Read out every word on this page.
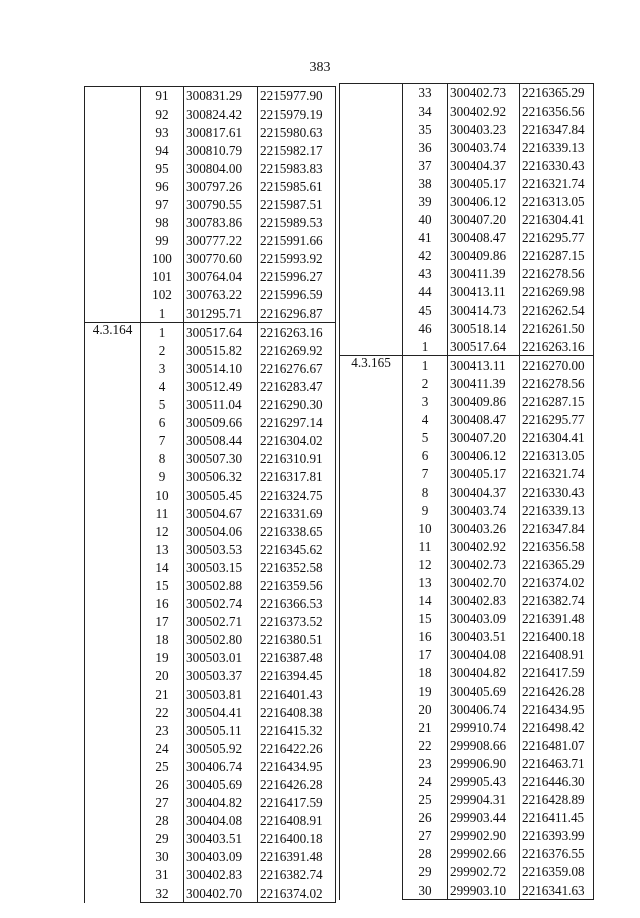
383
	91	300831.29	2215977.90
	92	300824.42	2215979.19
	93	300817.61	2215980.63
	94	300810.79	2215982.17
	95	300804.00	2215983.83
	96	300797.26	2215985.61
	97	300790.55	2215987.51
	98	300783.86	2215989.53
	99	300777.22	2215991.66
	100	300770.60	2215993.92
	101	300764.04	2215996.27
	102	300763.22	2215996.59
	1	301295.71	2216296.87
4.3.164	1	300517.64	2216263.16
	2	300515.82	2216269.92
	3	300514.10	2216276.67
	4	300512.49	2216283.47
	5	300511.04	2216290.30
	6	300509.66	2216297.14
	7	300508.44	2216304.02
	8	300507.30	2216310.91
	9	300506.32	2216317.81
	10	300505.45	2216324.75
	11	300504.67	2216331.69
	12	300504.06	2216338.65
	13	300503.53	2216345.62
	14	300503.15	2216352.58
	15	300502.88	2216359.56
	16	300502.74	2216366.53
	17	300502.71	2216373.52
	18	300502.80	2216380.51
	19	300503.01	2216387.48
	20	300503.37	2216394.45
	21	300503.81	2216401.43
	22	300504.41	2216408.38
	23	300505.11	2216415.32
	24	300505.92	2216422.26
	25	300406.74	2216434.95
	26	300405.69	2216426.28
	27	300404.82	2216417.59
	28	300404.08	2216408.91
	29	300403.51	2216400.18
	30	300403.09	2216391.48
	31	300402.83	2216382.74
	32	300402.70	2216374.02
	33	300402.73	2216365.29
	34	300402.92	2216356.56
	35	300403.23	2216347.84
	36	300403.74	2216339.13
	37	300404.37	2216330.43
	38	300405.17	2216321.74
	39	300406.12	2216313.05
	40	300407.20	2216304.41
	41	300408.47	2216295.77
	42	300409.86	2216287.15
	43	300411.39	2216278.56
	44	300413.11	2216269.98
	45	300414.73	2216262.54
	46	300518.14	2216261.50
	1	300517.64	2216263.16
4.3.165	1	300413.11	2216270.00
	2	300411.39	2216278.56
	3	300409.86	2216287.15
	4	300408.47	2216295.77
	5	300407.20	2216304.41
	6	300406.12	2216313.05
	7	300405.17	2216321.74
	8	300404.37	2216330.43
	9	300403.74	2216339.13
	10	300403.26	2216347.84
	11	300402.92	2216356.58
	12	300402.73	2216365.29
	13	300402.70	2216374.02
	14	300402.83	2216382.74
	15	300403.09	2216391.48
	16	300403.51	2216400.18
	17	300404.08	2216408.91
	18	300404.82	2216417.59
	19	300405.69	2216426.28
	20	300406.74	2216434.95
	21	299910.74	2216498.42
	22	299908.66	2216481.07
	23	299906.90	2216463.71
	24	299905.43	2216446.30
	25	299904.31	2216428.89
	26	299903.44	2216411.45
	27	299902.90	2216393.99
	28	299902.66	2216376.55
	29	299902.72	2216359.08
	30	299903.10	2216341.63
